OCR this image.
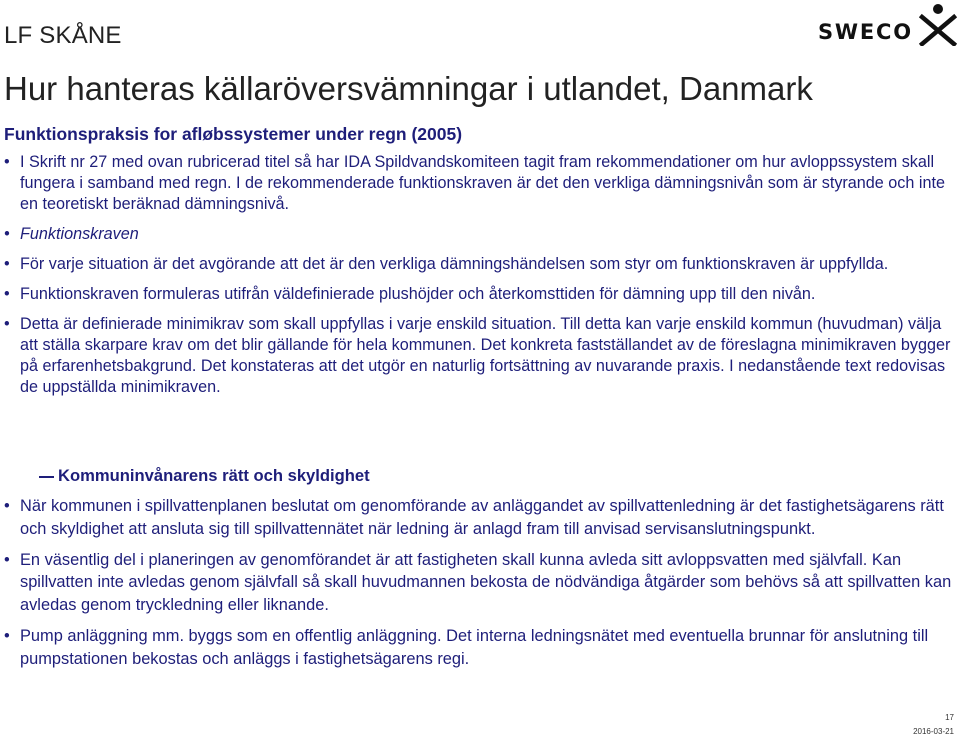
LF SKÅNE	SWECO
Hur hanteras källaröversvämningar i utlandet, Danmark
Funktionspraksis for afløbssystemer under regn (2005)
• I Skrift nr 27 med ovan rubricerad titel så har IDA Spildvandskomiteen tagit fram rekommendationer om hur avloppssystem skall fungera i samband med regn. I de rekommenderade funktionskraven är det den verkliga dämningsnivån som är styrande och inte en teoretiskt beräknad dämningsnivå.
• Funktionskraven
• För varje situation är det avgörande att det är den verkliga dämningshändelsen som styr om funktionskraven är uppfyllda.
• Funktionskraven formuleras utifrån väldefinierade plushöjder och återkomsttiden för dämning upp till den nivån.
• Detta är definierade minimikrav som skall uppfyllas i varje enskild situation. Till detta kan varje enskild kommun (huvudman) välja att ställa skarpare krav om det blir gällande för hela kommunen. Det konkreta fastställandet av de föreslagna minimikraven bygger på erfarenhetsbakgrund. Det konstateras att det utgör en naturlig fortsättning av nuvarande praxis. I nedanstående text redovisas de uppställda minimikraven.
Kommuninvånarens rätt och skyldighet
• När kommunen i spillvattenplanen beslutat om genomförande av anläggandet av spillvattenledning är det fastighetsägarens rätt och skyldighet att ansluta sig till spillvattennätet när ledning är anlagd fram till anvisad servisanslutningspunkt.
• En väsentlig del i planeringen av genomförandet är att fastigheten skall kunna avleda sitt avloppsvatten med självfall. Kan spillvatten inte avledas genom självfall så skall huvudmannen bekosta de nödvändiga åtgärder som behövs så att spillvatten kan avledas genom tryckledning eller liknande.
• Pump anläggning mm. byggs som en offentlig anläggning. Det interna ledningsnätet med eventuella brunnar för anslutning till pumpstationen bekostas och anläggs i fastighetsägarens regi.
17
2016-03-21
